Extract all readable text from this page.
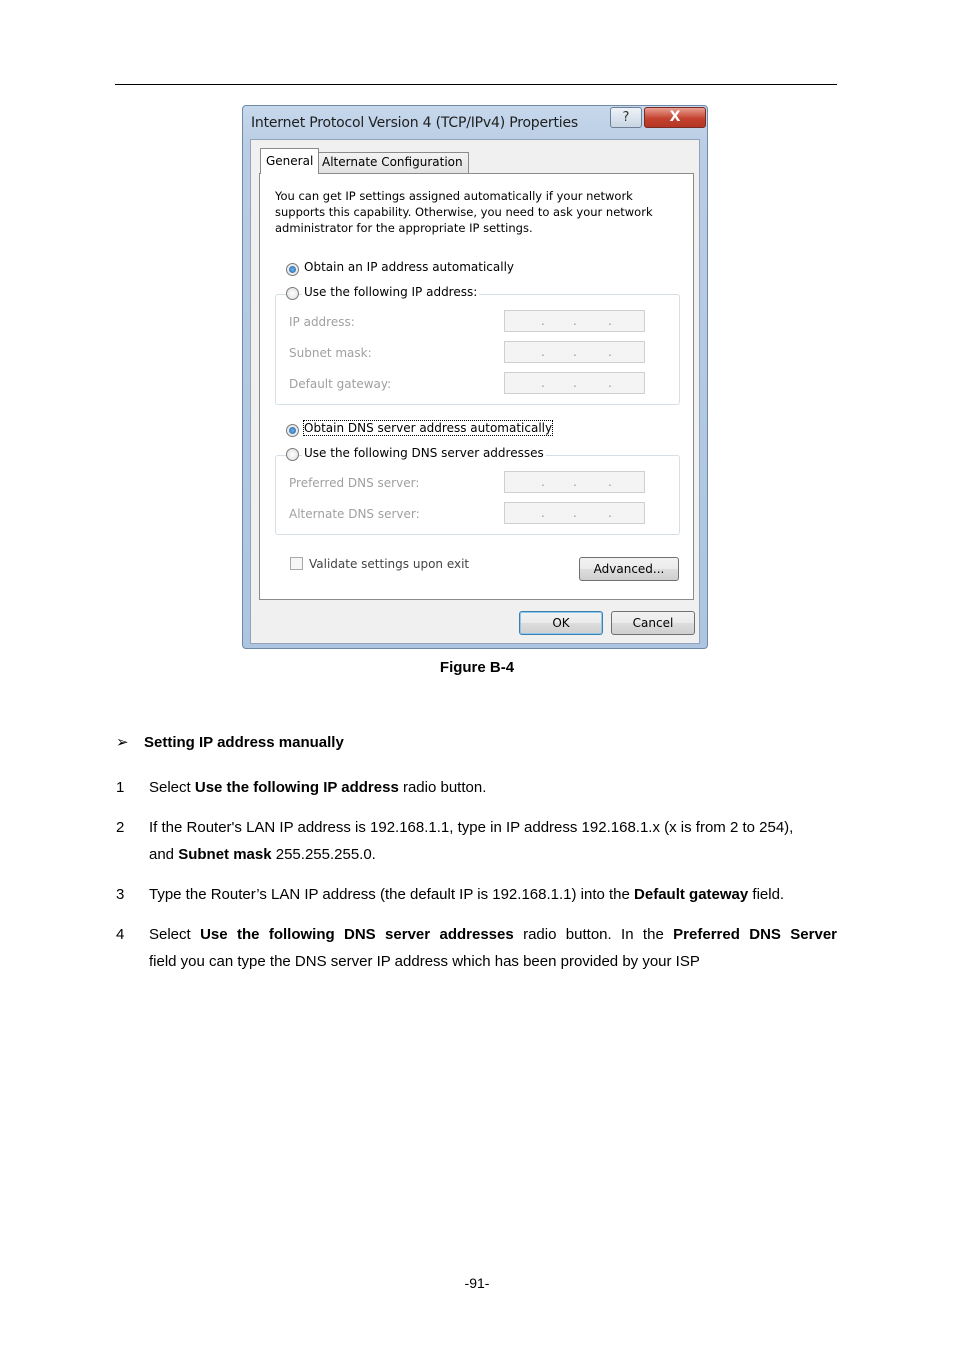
Internet Protocol Version 4 (TCP/IPv4) Properties	?	X
General Alternate Configuration
You can get IP settings assigned automatically if your network
supports this capability. Otherwise, you need to ask your network
administrator for the appropriate IP settings.
Obtain an IP address automatically
IP address:	. .	.
Subnet mask:	. .	.
Default gateway:	. .	.
Use the following IP address:
Obtain DNS server address automatically
Preferred DNS server:	. .	.
Alternate DNS server:	. .	.
Use the following DNS server addresses
Validate settings upon exit	Advanced...
OK	Cancel
Figure B-4
➢ Setting IP address manually
1 Select Use the following IP address radio button.
2 If the Router's LAN IP address is 192.168.1.1, type in IP address 192.168.1.x (x is from 2 to 254),
and Subnet mask 255.255.255.0.
3 Type the Router’s LAN IP address (the default IP is 192.168.1.1) into the Default gateway field.
4 Select Use the following DNS server addresses radio button. In the Preferred DNS Server
field you can type the DNS server IP address which has been provided by your ISP
-91-
